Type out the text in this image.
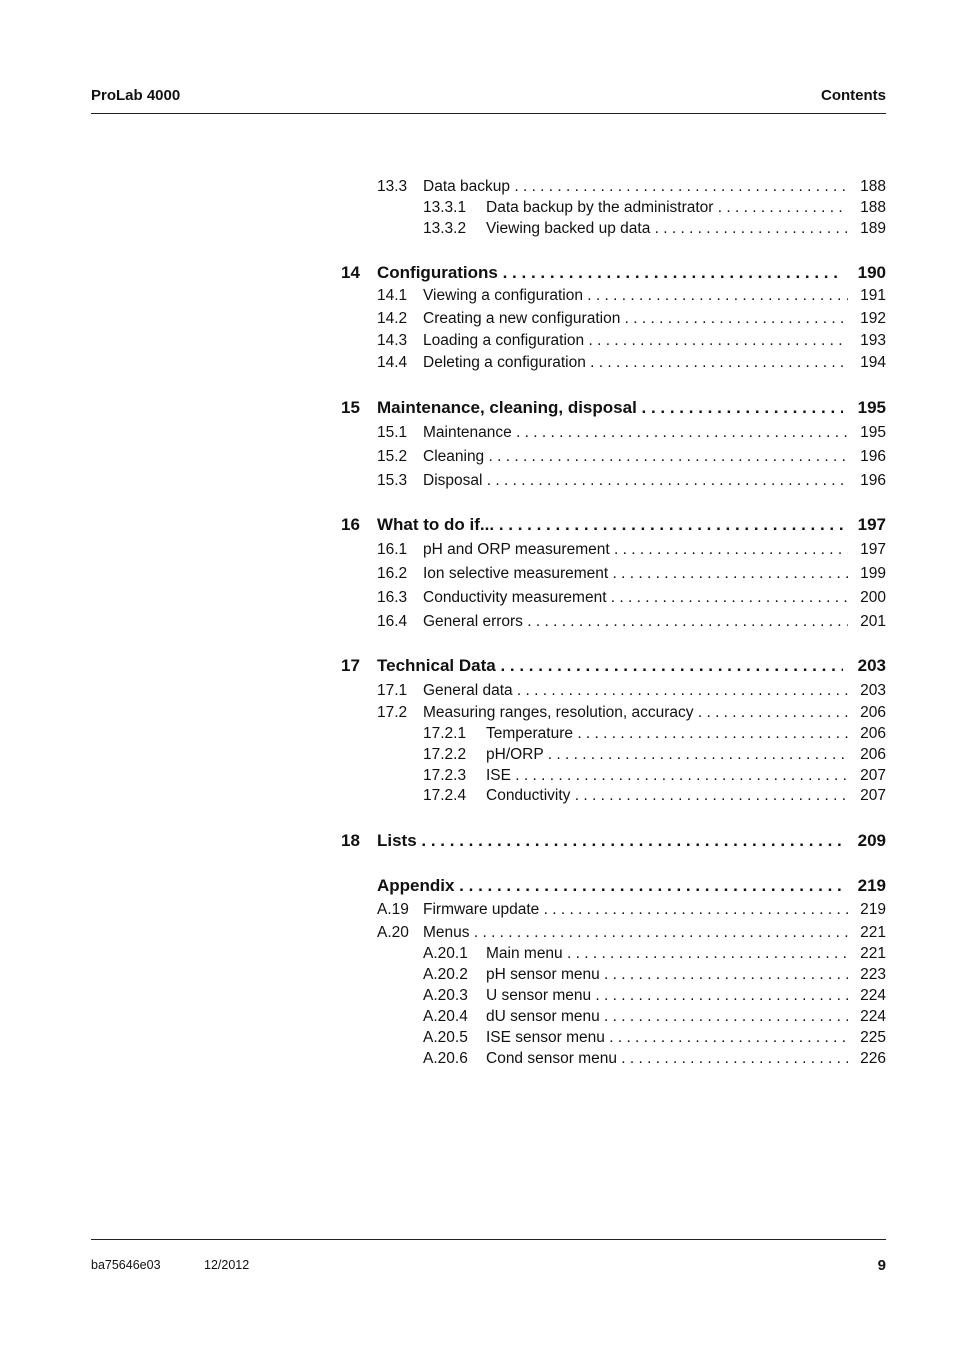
ProLab 4000	Contents
13.3 Data backup . . .	188
13.3.1 Data backup by the administrator . . .	188
13.3.2 Viewing backed up data . . .	189
14 Configurations . . .	190
14.1 Viewing a configuration . . .	191
14.2 Creating a new configuration . . .	192
14.3 Loading a configuration . . .	193
14.4 Deleting a configuration . . .	194
15 Maintenance, cleaning, disposal . . .	195
15.1 Maintenance . . .	195
15.2 Cleaning . . .	196
15.3 Disposal . . .	196
16 What to do if... . . .	197
16.1 pH and ORP measurement . . .	197
16.2 Ion selective measurement . . .	199
16.3 Conductivity measurement . . .	200
16.4 General errors . . .	201
17 Technical Data . . .	203
17.1 General data . . .	203
17.2 Measuring ranges, resolution, accuracy . . .	206
17.2.1 Temperature . . .	206
17.2.2 pH/ORP . . .	206
17.2.3 ISE . . .	207
17.2.4 Conductivity . . .	207
18 Lists . . .	209
Appendix . . .	219
A.19 Firmware update . . .	219
A.20 Menus . . .	221
A.20.1 Main menu . . .	221
A.20.2 pH sensor menu . . .	223
A.20.3 U sensor menu . . .	224
A.20.4 dU sensor menu . . .	224
A.20.5 ISE sensor menu . . .	225
A.20.6 Cond sensor menu . . .	226
ba75646e03	12/2012	9
